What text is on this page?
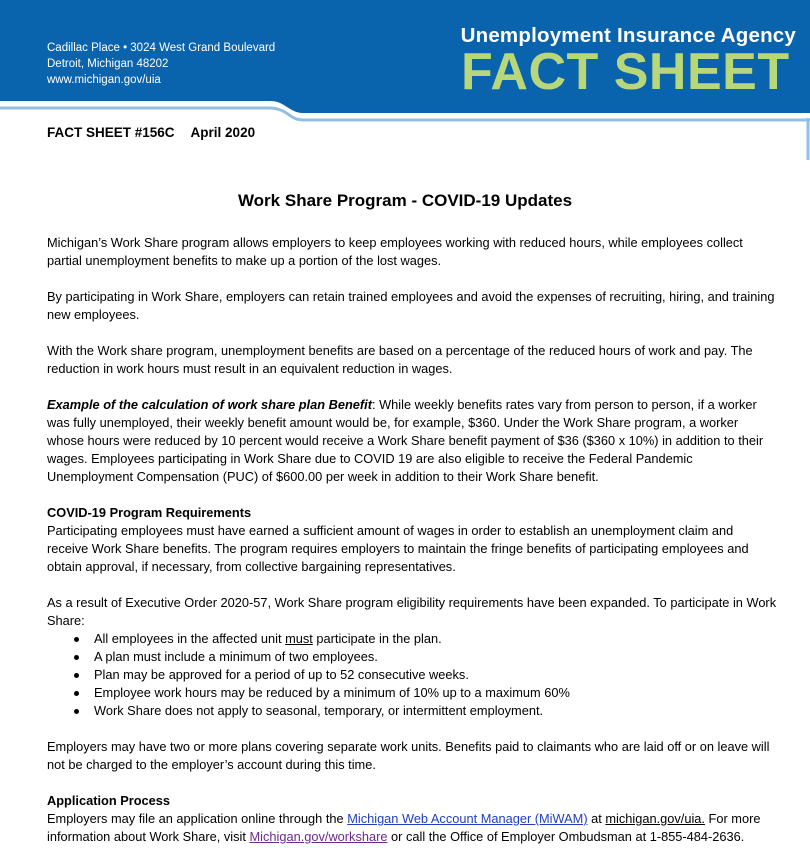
Cadillac Place • 3024 West Grand Boulevard
Detroit, Michigan 48202
www.michigan.gov/uia
Unemployment Insurance Agency
FACT SHEET
FACT SHEET #156C April 2020
Work Share Program - COVID-19 Updates

Michigan’s Work Share program allows employers to keep employees working with reduced hours, while employees collect partial unemployment benefits to make up a portion of the lost wages.

By participating in Work Share, employers can retain trained employees and avoid the expenses of recruiting, hiring, and training new employees.

With the Work share program, unemployment benefits are based on a percentage of the reduced hours of work and pay. The reduction in work hours must result in an equivalent reduction in wages.

Example of the calculation of work share plan Benefit: While weekly benefits rates vary from person to person, if a worker was fully unemployed, their weekly benefit amount would be, for example, $360. Under the Work Share program, a worker whose hours were reduced by 10 percent would receive a Work Share benefit payment of $36 ($360 x 10%) in addition to their wages. Employees participating in Work Share due to COVID 19 are also eligible to receive the Federal Pandemic Unemployment Compensation (PUC) of $600.00 per week in addition to their Work Share benefit.

COVID-19 Program Requirements

Participating employees must have earned a sufficient amount of wages in order to establish an unemployment claim and receive Work Share benefits. The program requires employers to maintain the fringe benefits of participating employees and obtain approval, if necessary, from collective bargaining representatives.

As a result of Executive Order 2020-57, Work Share program eligibility requirements have been expanded. To participate in Work Share:

All employees in the affected unit must participate in the plan.
A plan must include a minimum of two employees.
Plan may be approved for a period of up to 52 consecutive weeks.
Employee work hours may be reduced by a minimum of 10% up to a maximum 60%
Work Share does not apply to seasonal, temporary, or intermittent employment.

Employers may have two or more plans covering separate work units. Benefits paid to claimants who are laid off or on leave will not be charged to the employer’s account during this time.

Application Process

Employers may file an application online through the Michigan Web Account Manager (MiWAM) at michigan.gov/uia. For more information about Work Share, visit Michigan.gov/workshare or call the Office of Employer Ombudsman at 1-855-484-2636.
